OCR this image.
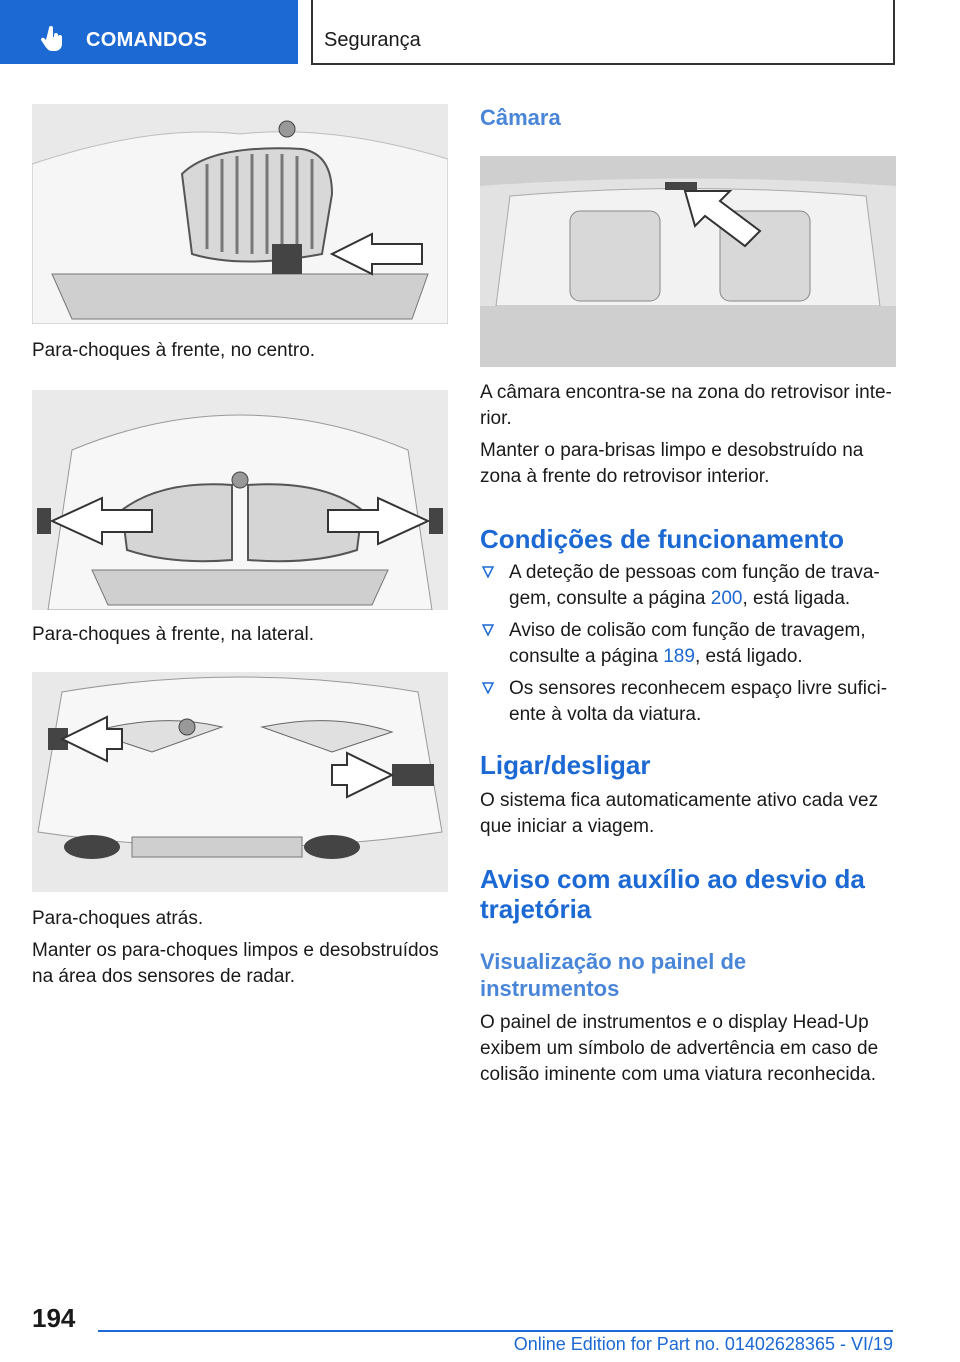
COMANDOS	Segurança
Para-choques à frente, no centro.
Para-choques à frente, na lateral.
Para-choques atrás.
Manter os para-choques limpos e desobstruídos
na área dos sensores de radar.
Câmara
A câmara encontra-se na zona do retrovisor inte-
rior.
Manter o para-brisas limpo e desobstruído na
zona à frente do retrovisor interior.
Condições de funcionamento
A deteção de pessoas com função de trava-
gem, consulte a página 200, está ligada.
Aviso de colisão com função de travagem,
consulte a página 189, está ligado.
Os sensores reconhecem espaço livre sufici-
ente à volta da viatura.
Ligar/desligar
O sistema fica automaticamente ativo cada vez
que iniciar a viagem.
Aviso com auxílio ao desvio da
trajetória
Visualização no painel de
instrumentos
O painel de instrumentos e o display Head-Up
exibem um símbolo de advertência em caso de
colisão iminente com uma viatura reconhecida.
194
Online Edition for Part no. 01402628365 - VI/19
